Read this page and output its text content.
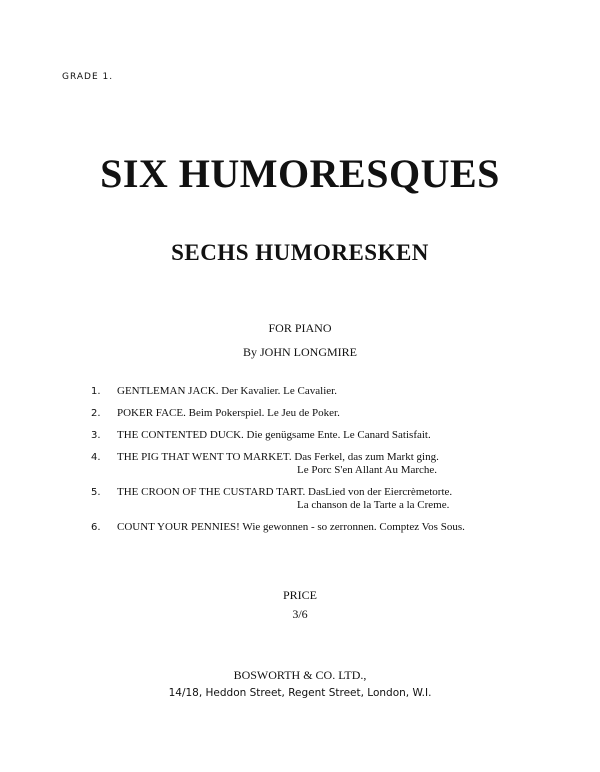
GRADE 1.
SIX HUMORESQUES
SECHS HUMORESKEN
FOR PIANO
By JOHN LONGMIRE
1.	GENTLEMAN JACK. Der Kavalier. Le Cavalier.
2.	POKER FACE. Beim Pokerspiel. Le Jeu de Poker.
3.	THE CONTENTED DUCK. Die genügsame Ente. Le Canard Satisfait.
4.	THE PIG THAT WENT TO MARKET. Das Ferkel, das zum Markt ging.
Le Porc S'en Allant Au Marche.
5.	THE CROON OF THE CUSTARD TART. DasLied von der Eiercrèmetorte.
La chanson de la Tarte a la Creme.
6.	COUNT YOUR PENNIES! Wie gewonnen - so zerronnen. Comptez Vos Sous.
PRICE
3/6
BOSWORTH & CO. LTD.,
14/18, Heddon Street, Regent Street, London, W.I.
